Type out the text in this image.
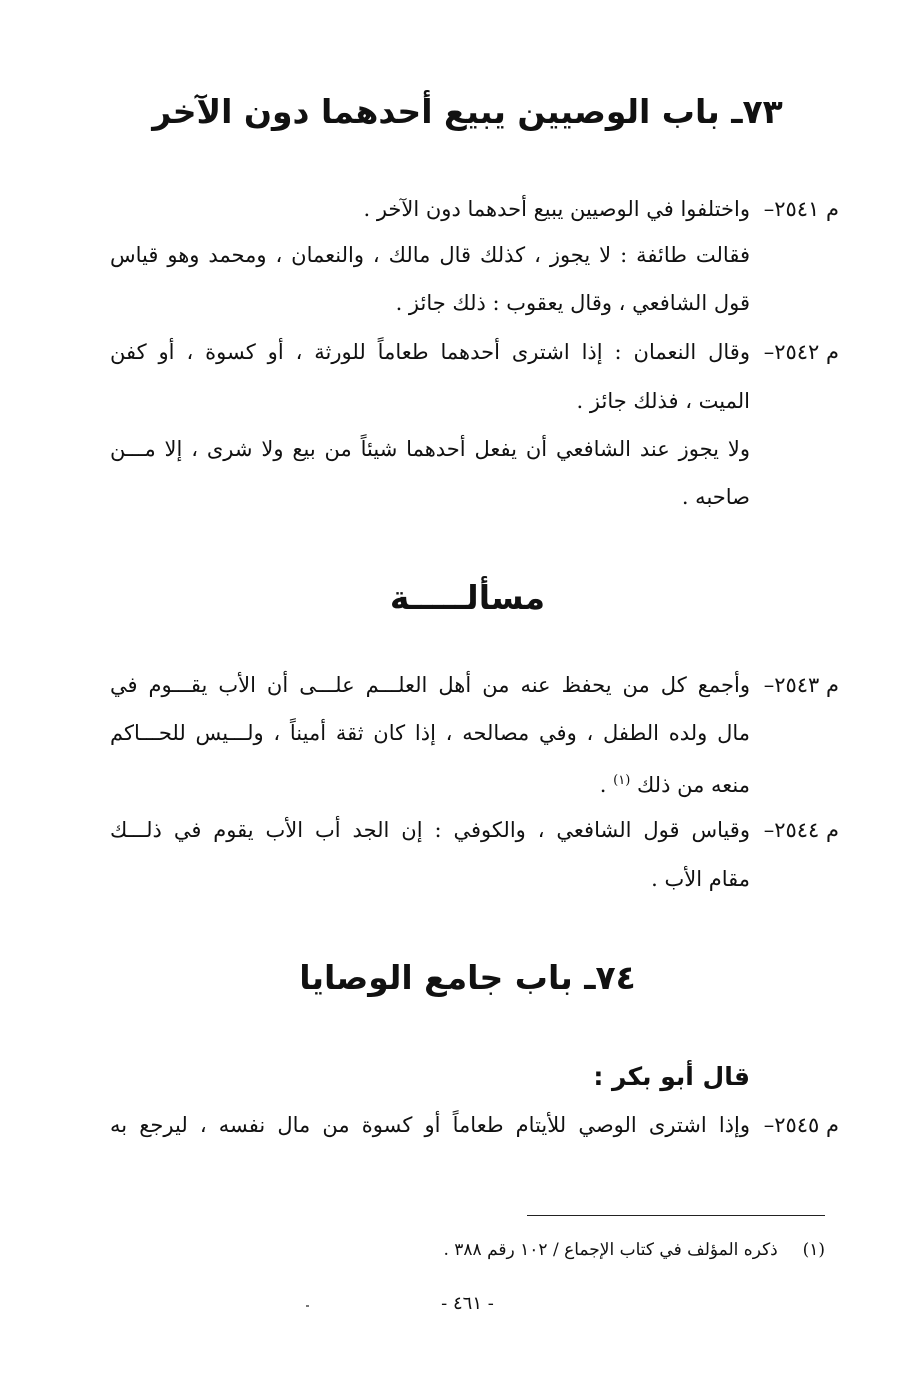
٧٣ـ باب الوصيين يبيع أحدهما دون الآخر
م ٢٥٤١–
واختلفوا في الوصيين يبيع أحدهما دون الآخر .
فقالت طائفة : لا يجوز ، كذلك قال مالك ، والنعمان ، ومحمد وهو قياس
قول الشافعي ، وقال يعقوب : ذلك جائز .
م ٢٥٤٢–
وقال النعمان : إذا اشترى أحدهما طعاماً للورثة ، أو كسوة ، أو كفن
الميت ، فذلك جائز .
ولا يجوز عند الشافعي أن يفعل أحدهما شيئاً من بيع ولا شرى ، إلا مـــن
صاحبه .
مسألـــــة
م ٢٥٤٣–
وأجمع كل من يحفظ عنه من أهل العلـــم علـــى أن الأب يقـــوم في
مال ولده الطفل ، وفي مصالحه ، إذا كان ثقة أميناً ، ولـــيس للحـــاكم
منعه من ذلك $^{(١)}$ .
م ٢٥٤٤–
وقياس قول الشافعي ، والكوفي : إن الجد أب الأب يقوم في ذلـــك
مقام الأب .
٧٤ـ باب جامع الوصايا
قال أبو بكر :
م ٢٥٤٥–
وإذا اشترى الوصي للأيتام طعاماً أو كسوة من مال نفسه ، ليرجع به
(١)  ذكره المؤلف في كتاب الإجماع / ١٠٢ رقم ٣٨٨ .
- ٤٦١ -
